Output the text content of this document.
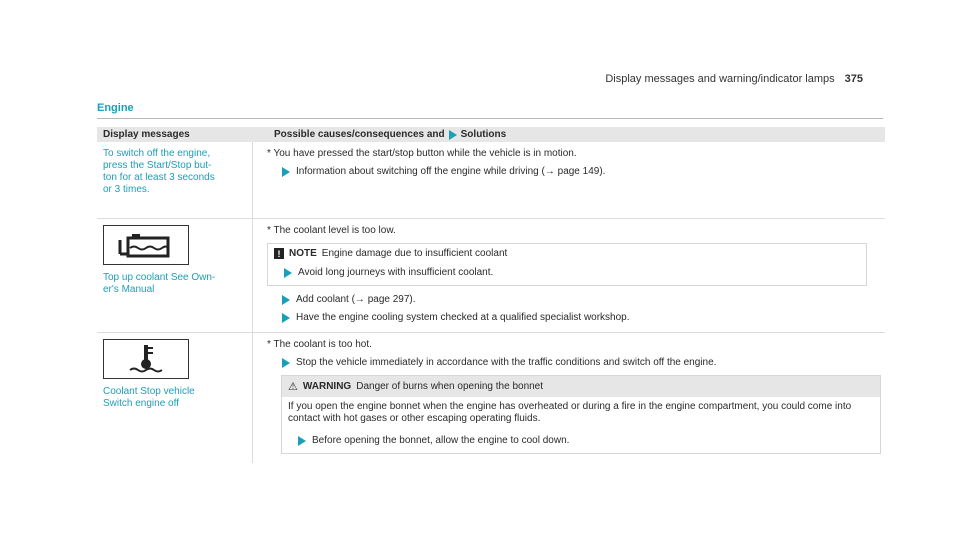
Display messages and warning/indicator lamps 375
Engine
Display messages	Possible causes/consequences and Solutions
To switch off the engine,
press the Start/Stop but-
ton for at least 3 seconds
or 3 times.
* You have pressed the start/stop button while the vehicle is in motion.
Information about switching off the engine while driving (→ page 149).
Top up coolant See Own-
er's Manual
* The coolant level is too low.
! NOTE Engine damage due to insufficient coolant
Avoid long journeys with insufficient coolant.
Add coolant (→ page 297).
Have the engine cooling system checked at a qualified specialist workshop.
Coolant Stop vehicle
Switch engine off
* The coolant is too hot.
Stop the vehicle immediately in accordance with the traffic conditions and switch off the engine.
⚠ WARNING Danger of burns when opening the bonnet
If you open the engine bonnet when the engine has overheated or during a fire in the engine compartment, you could come into contact with hot gases or other escaping operating fluids.
Before opening the bonnet, allow the engine to cool down.
